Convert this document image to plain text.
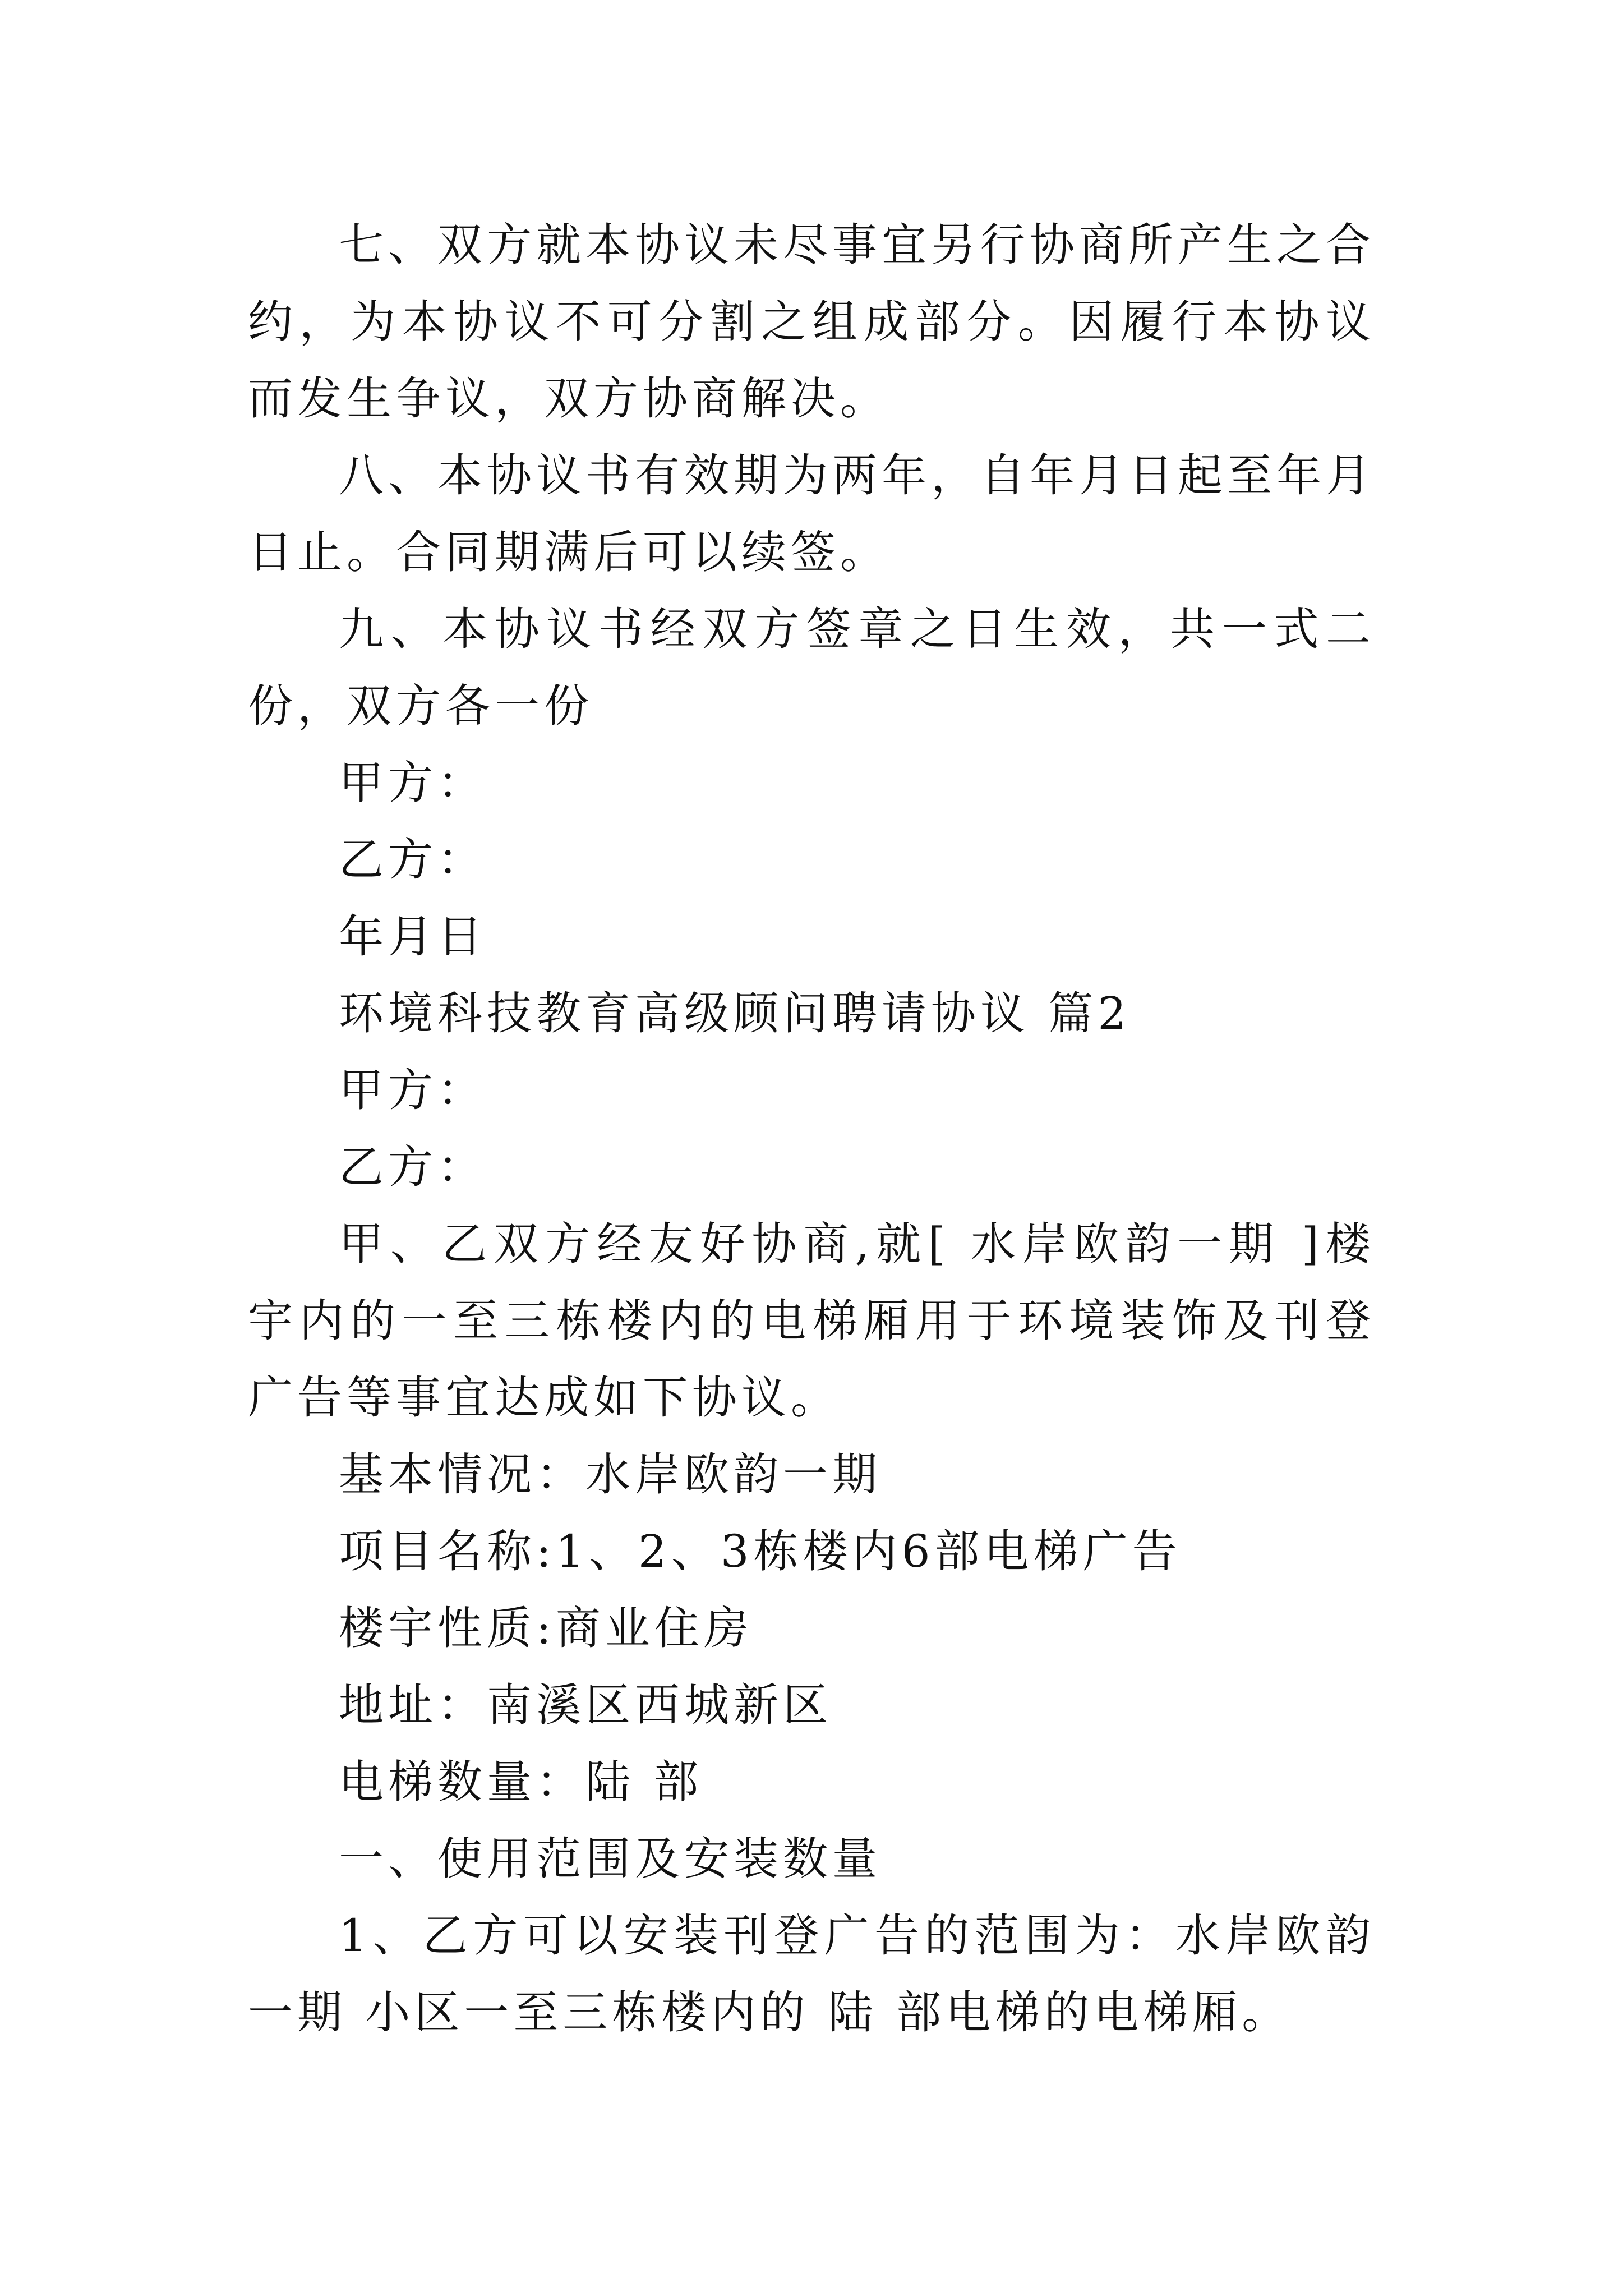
七、双方就本协议未尽事宜另行协商所产生之合约，为本协议不可分割之组成部分。因履行本协议而发生争议，双方协商解决。

八、本协议书有效期为两年，自年月日起至年月日止。合同期满后可以续签。

九、本协议书经双方签章之日生效，共一式二份，双方各一份

甲方：

乙方：

年月日

环境科技教育高级顾问聘请协议 篇2

甲方：

乙方：

甲、乙双方经友好协商,就[ 水岸欧韵一期 ]楼宇内的一至三栋楼内的电梯厢用于环境装饰及刊登广告等事宜达成如下协议。

基本情况：水岸欧韵一期

项目名称:1、2、3栋楼内6部电梯广告

楼宇性质:商业住房

地址：南溪区西城新区

电梯数量：陆 部

一、使用范围及安装数量

1、乙方可以安装刊登广告的范围为：水岸欧韵一期 小区一至三栋楼内的 陆 部电梯的电梯厢。
